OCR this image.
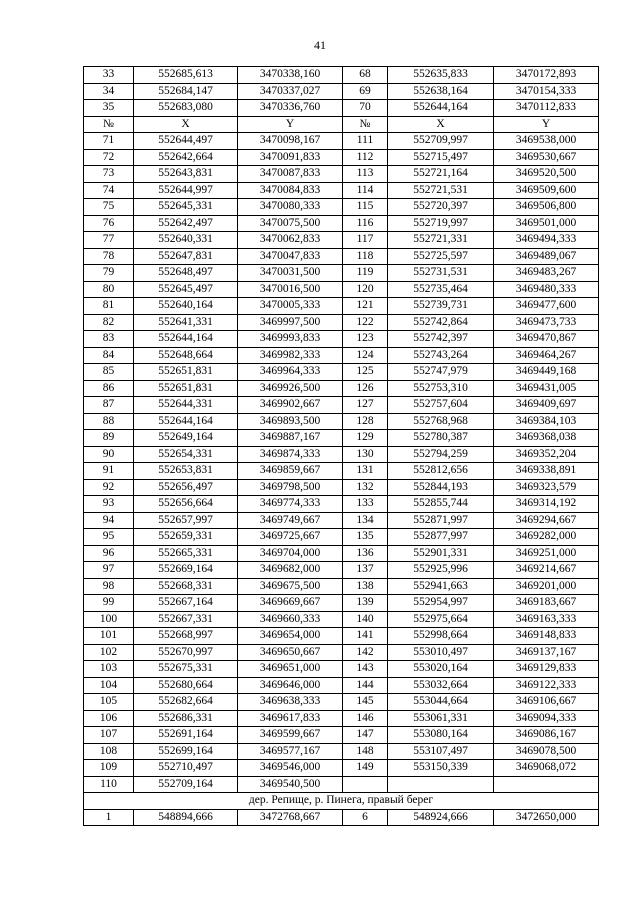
41
33	552685,613	3470338,160	68	552635,833	3470172,893
34	552684,147	3470337,027	69	552638,164	3470154,333
35	552683,080	3470336,760	70	552644,164	3470112,833
№	X	Y	№	X	Y
71	552644,497	3470098,167	111	552709,997	3469538,000
72	552642,664	3470091,833	112	552715,497	3469530,667
73	552643,831	3470087,833	113	552721,164	3469520,500
74	552644,997	3470084,833	114	552721,531	3469509,600
75	552645,331	3470080,333	115	552720,397	3469506,800
76	552642,497	3470075,500	116	552719,997	3469501,000
77	552640,331	3470062,833	117	552721,331	3469494,333
78	552647,831	3470047,833	118	552725,597	3469489,067
79	552648,497	3470031,500	119	552731,531	3469483,267
80	552645,497	3470016,500	120	552735,464	3469480,333
81	552640,164	3470005,333	121	552739,731	3469477,600
82	552641,331	3469997,500	122	552742,864	3469473,733
83	552644,164	3469993,833	123	552742,397	3469470,867
84	552648,664	3469982,333	124	552743,264	3469464,267
85	552651,831	3469964,333	125	552747,979	3469449,168
86	552651,831	3469926,500	126	552753,310	3469431,005
87	552644,331	3469902,667	127	552757,604	3469409,697
88	552644,164	3469893,500	128	552768,968	3469384,103
89	552649,164	3469887,167	129	552780,387	3469368,038
90	552654,331	3469874,333	130	552794,259	3469352,204
91	552653,831	3469859,667	131	552812,656	3469338,891
92	552656,497	3469798,500	132	552844,193	3469323,579
93	552656,664	3469774,333	133	552855,744	3469314,192
94	552657,997	3469749,667	134	552871,997	3469294,667
95	552659,331	3469725,667	135	552877,997	3469282,000
96	552665,331	3469704,000	136	552901,331	3469251,000
97	552669,164	3469682,000	137	552925,996	3469214,667
98	552668,331	3469675,500	138	552941,663	3469201,000
99	552667,164	3469669,667	139	552954,997	3469183,667
100	552667,331	3469660,333	140	552975,664	3469163,333
101	552668,997	3469654,000	141	552998,664	3469148,833
102	552670,997	3469650,667	142	553010,497	3469137,167
103	552675,331	3469651,000	143	553020,164	3469129,833
104	552680,664	3469646,000	144	553032,664	3469122,333
105	552682,664	3469638,333	145	553044,664	3469106,667
106	552686,331	3469617,833	146	553061,331	3469094,333
107	552691,164	3469599,667	147	553080,164	3469086,167
108	552699,164	3469577,167	148	553107,497	3469078,500
109	552710,497	3469546,000	149	553150,339	3469068,072
110	552709,164	3469540,500			
дер. Репище, р. Пинега, правый берег					
1	548894,666	3472768,667	6	548924,666	3472650,000
